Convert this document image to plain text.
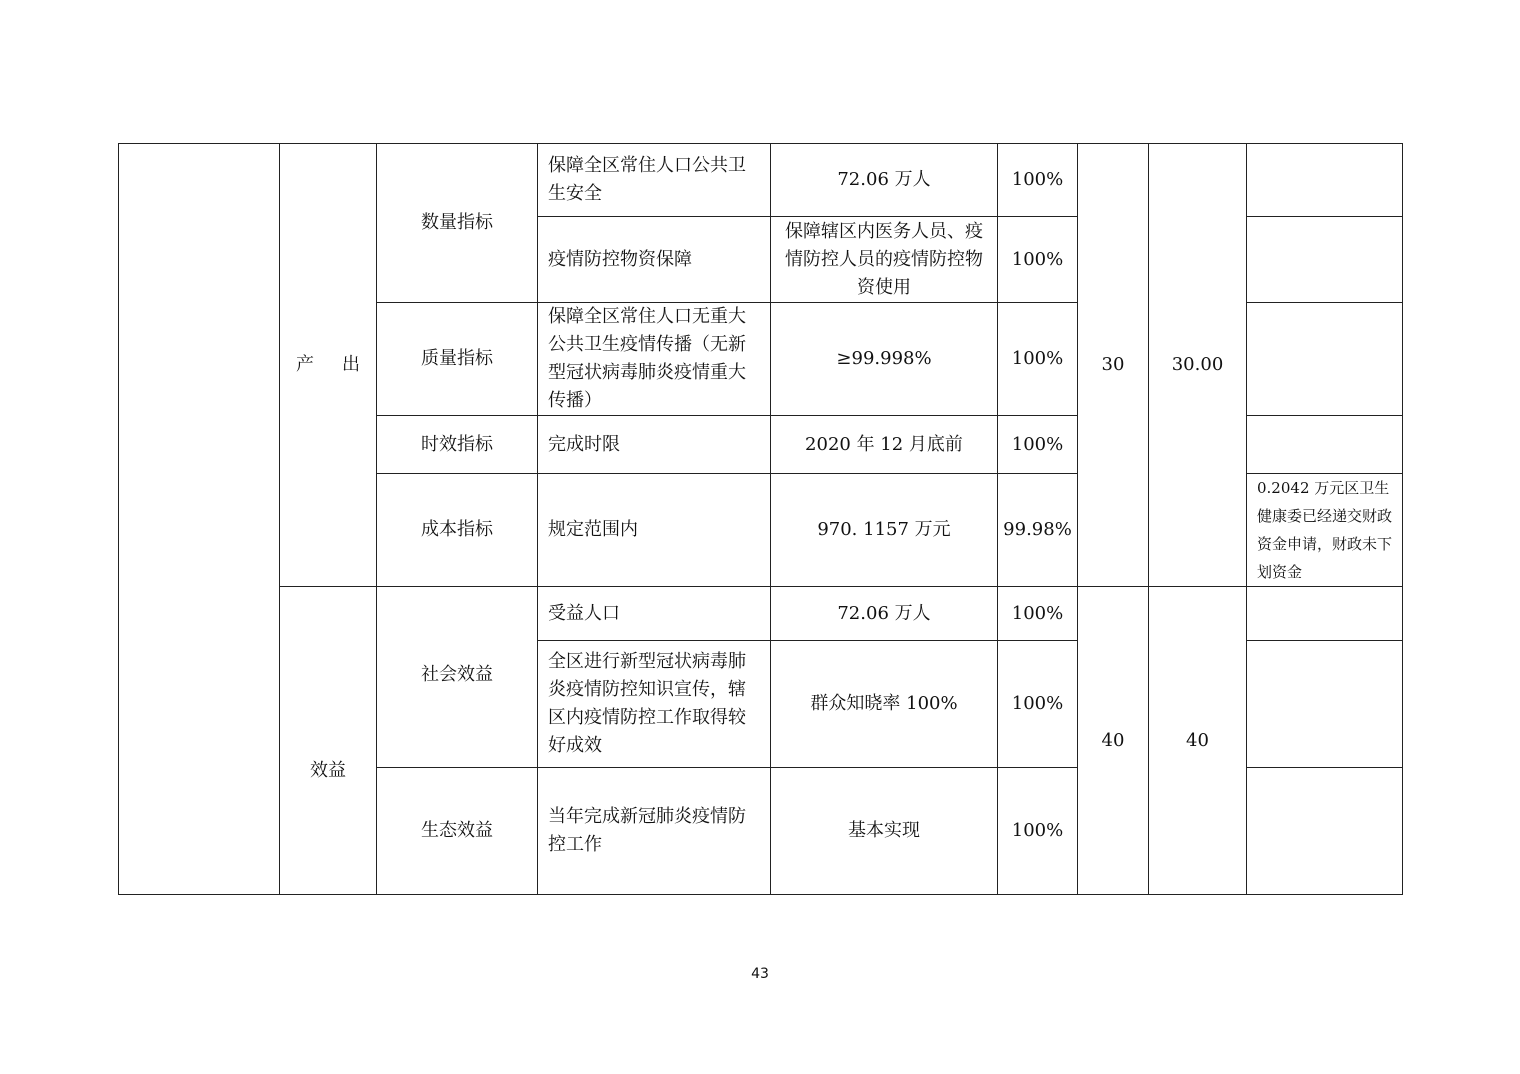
	产 出	数量指标	保障全区常住人口公共卫生安全	72.06 万人	100%	30	30.00	
			疫情防控物资保障	保障辖区内医务人员、疫情防控人员的疫情防控物资使用	100%			
		质量指标	保障全区常住人口无重大公共卫生疫情传播（无新型冠状病毒肺炎疫情重大传播）	≥99.998%	100%			
		时效指标	完成时限	2020 年 12 月底前	100%			
		成本指标	规定范围内	970. 1157 万元	99.98%			0.2042 万元区卫生健康委已经递交财政资金申请，财政未下划资金
	效益	社会效益	受益人口	72.06 万人	100%	40	40	
			全区进行新型冠状病毒肺炎疫情防控知识宣传，辖区内疫情防控工作取得较好成效	群众知晓率 100%	100%			
		生态效益	当年完成新冠肺炎疫情防控工作	基本实现	100%			
43
